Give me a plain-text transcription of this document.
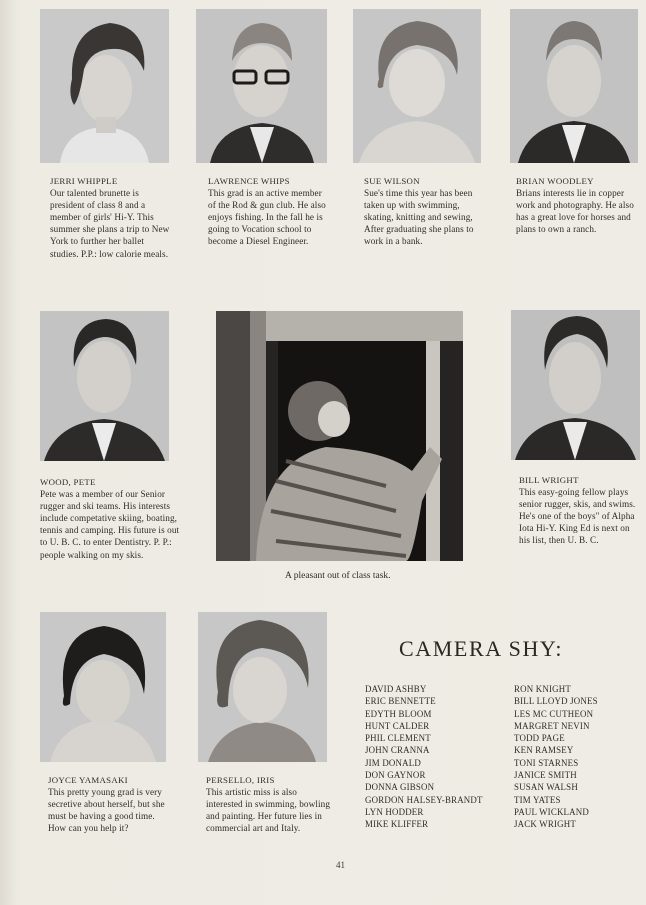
JERRI WHIPPLE
Our talented brunette is president of class 8 and a member of girls' Hi-Y. This summer she plans a trip to New York to further her ballet studies. P.P.: low calorie meals.
LAWRENCE WHIPS
This grad is an active member of the Rod & gun club. He also enjoys fishing. In the fall he is going to Vocation school to become a Diesel Engineer.
SUE WILSON
Sue's time this year has been taken up with swimming, skating, knitting and sewing, After graduating she plans to work in a bank.
BRIAN WOODLEY
Brians interests lie in copper work and photography. He also has a great love for horses and plans to own a ranch.
A pleasant out of class task.
WOOD, PETE
Pete was a member of our Senior rugger and ski teams. His interests include competative skiing, boating, tennis and camping. His future is out to U. B. C. to enter Dentistry. P. P.: people walking on my skis.
BILL WRIGHT
This easy-going fellow plays senior rugger, skis, and swims. He's one of the boys" of Alpha Iota Hi-Y. King Ed is next on his list, then U. B. C.
JOYCE YAMASAKI
This pretty young grad is very secretive about herself, but she must be having a good time. How can you help it?
PERSELLO, IRIS
This artistic miss is also interested in swimming, bowling and painting. Her future lies in commercial art and Italy.
CAMERA SHY:
DAVID ASHBY
ERIC BENNETTE
EDYTH BLOOM
HUNT CALDER
PHIL CLEMENT
JOHN CRANNA
JIM DONALD
DON GAYNOR
DONNA GIBSON
GORDON HALSEY-BRANDT
LYN HODDER
MIKE KLIFFER
RON KNIGHT
BILL LLOYD JONES
LES MC CUTHEON
MARGRET NEVIN
TODD PAGE
KEN RAMSEY
TONI STARNES
JANICE SMITH
SUSAN WALSH
TIM YATES
PAUL WICKLAND
JACK WRIGHT
41
